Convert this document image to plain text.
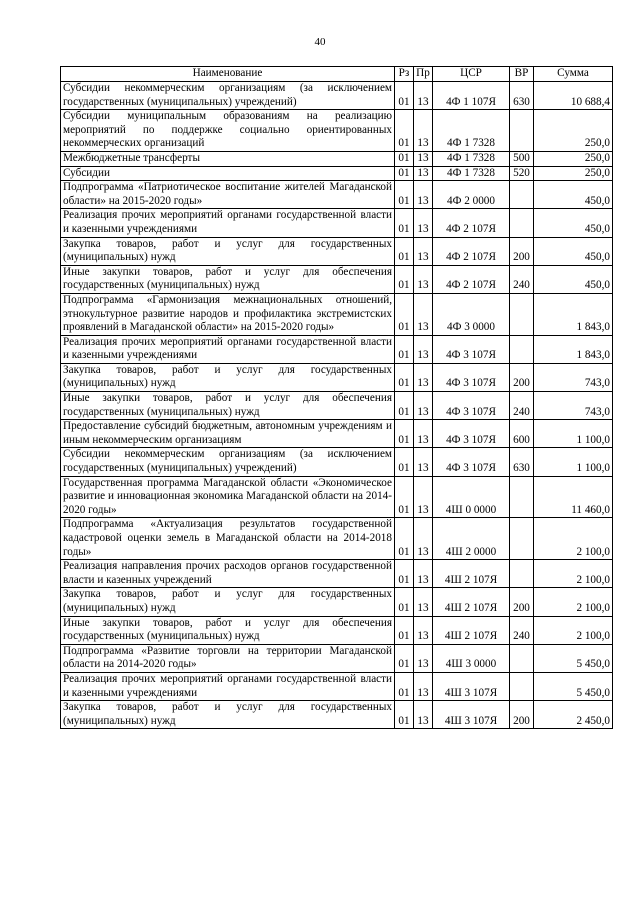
40
Наименование	Рз	Пр	ЦСР	ВР	Сумма
Субсидии некоммерческим организациям (за исключением государственных (муниципальных) учреждений)	01	13	4Ф 1 107Я	630	10 688,4
Субсидии муниципальным образованиям на реализацию мероприятий по поддержке социально ориентированных некоммерческих организаций	01	13	4Ф 1 7328		250,0
Межбюджетные трансферты	01	13	4Ф 1 7328	500	250,0
Субсидии	01	13	4Ф 1 7328	520	250,0
Подпрограмма «Патриотическое воспитание жителей Магаданской области» на 2015-2020 годы»	01	13	4Ф 2 0000		450,0
Реализация прочих мероприятий органами государственной власти и казенными учреждениями	01	13	4Ф 2 107Я		450,0
Закупка товаров, работ и услуг для государственных (муниципальных) нужд	01	13	4Ф 2 107Я	200	450,0
Иные закупки товаров, работ и услуг для обеспечения государственных (муниципальных) нужд	01	13	4Ф 2 107Я	240	450,0
Подпрограмма «Гармонизация межнациональных отношений, этнокультурное развитие народов и профилактика экстремистских проявлений в Магаданской области» на 2015-2020 годы»	01	13	4Ф 3 0000		1 843,0
Реализация прочих мероприятий органами государственной власти и казенными учреждениями	01	13	4Ф 3 107Я		1 843,0
Закупка товаров, работ и услуг для государственных (муниципальных) нужд	01	13	4Ф 3 107Я	200	743,0
Иные закупки товаров, работ и услуг для обеспечения государственных (муниципальных) нужд	01	13	4Ф 3 107Я	240	743,0
Предоставление субсидий бюджетным, автономным учреждениям и иным некоммерческим организациям	01	13	4Ф 3 107Я	600	1 100,0
Субсидии некоммерческим организациям (за исключением государственных (муниципальных) учреждений)	01	13	4Ф 3 107Я	630	1 100,0
Государственная программа Магаданской области «Экономическое развитие и инновационная экономика Магаданской области на 2014-2020 годы»	01	13	4Ш 0 0000		11 460,0
Подпрограмма «Актуализация результатов государственной кадастровой оценки земель в Магаданской области на 2014-2018 годы»	01	13	4Ш 2 0000		2 100,0
Реализация направления прочих расходов органов государственной власти и казенных учреждений	01	13	4Ш 2 107Я		2 100,0
Закупка товаров, работ и услуг для государственных (муниципальных) нужд	01	13	4Ш 2 107Я	200	2 100,0
Иные закупки товаров, работ и услуг для обеспечения государственных (муниципальных) нужд	01	13	4Ш 2 107Я	240	2 100,0
Подпрограмма «Развитие торговли на территории Магаданской области на 2014-2020 годы»	01	13	4Ш 3 0000		5 450,0
Реализация прочих мероприятий органами государственной власти и казенными учреждениями	01	13	4Ш 3 107Я		5 450,0
Закупка товаров, работ и услуг для государственных (муниципальных) нужд	01	13	4Ш 3 107Я	200	2 450,0
